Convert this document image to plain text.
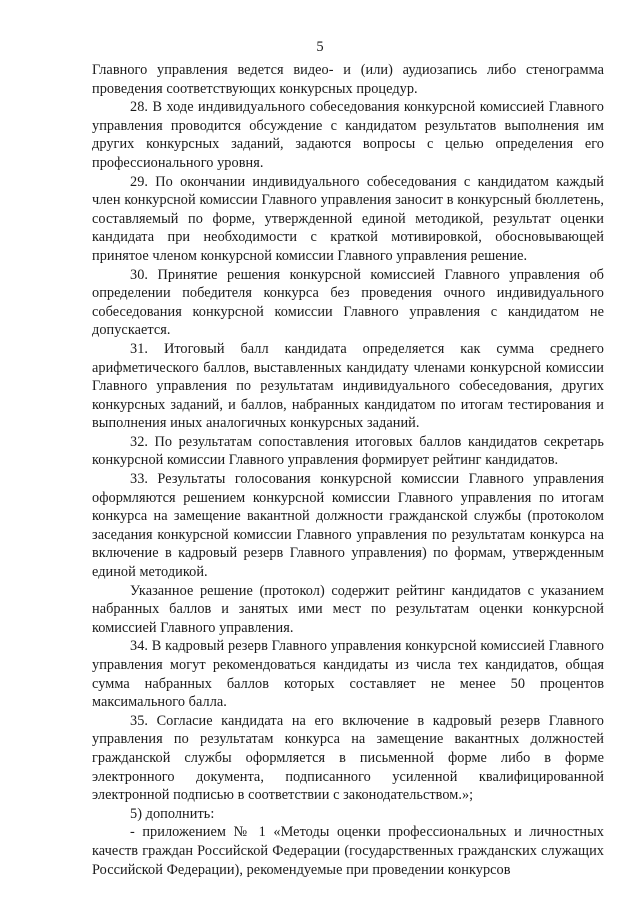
5

Главного управления ведется видео- и (или) аудиозапись либо стенограмма проведения соответствующих конкурсных процедур.

28. В ходе индивидуального собеседования конкурсной комиссией Главного управления проводится обсуждение с кандидатом результатов выполнения им других конкурсных заданий, задаются вопросы с целью определения его профессионального уровня.

29. По окончании индивидуального собеседования с кандидатом каждый член конкурсной комиссии Главного управления заносит в конкурсный бюллетень, составляемый по форме, утвержденной единой методикой, результат оценки кандидата при необходимости с краткой мотивировкой, обосновывающей принятое членом конкурсной комиссии Главного управления решение.

30. Принятие решения конкурсной комиссией Главного управления об определении победителя конкурса без проведения очного индивидуального собеседования конкурсной комиссии Главного управления с кандидатом не допускается.

31. Итоговый балл кандидата определяется как сумма среднего арифметического баллов, выставленных кандидату членами конкурсной комиссии Главного управления по результатам индивидуального собеседования, других конкурсных заданий, и баллов, набранных кандидатом по итогам тестирования и выполнения иных аналогичных конкурсных заданий.

32. По результатам сопоставления итоговых баллов кандидатов секретарь конкурсной комиссии Главного управления формирует рейтинг кандидатов.

33. Результаты голосования конкурсной комиссии Главного управления оформляются решением конкурсной комиссии Главного управления по итогам конкурса на замещение вакантной должности гражданской службы (протоколом заседания конкурсной комиссии Главного управления по результатам конкурса на включение в кадровый резерв Главного управления) по формам, утвержденным единой методикой.

Указанное решение (протокол) содержит рейтинг кандидатов с указанием набранных баллов и занятых ими мест по результатам оценки конкурсной комиссией Главного управления.

34. В кадровый резерв Главного управления конкурсной комиссией Главного управления могут рекомендоваться кандидаты из числа тех кандидатов, общая сумма набранных баллов которых составляет не менее 50 процентов максимального балла.

35. Согласие кандидата на его включение в кадровый резерв Главного управления по результатам конкурса на замещение вакантных должностей гражданской службы оформляется в письменной форме либо в форме электронного документа, подписанного усиленной квалифицированной электронной подписью в соответствии с законодательством.»;

5) дополнить:

- приложением № 1 «Методы оценки профессиональных и личностных качеств граждан Российской Федерации (государственных гражданских служащих Российской Федерации), рекомендуемые при проведении конкурсов
